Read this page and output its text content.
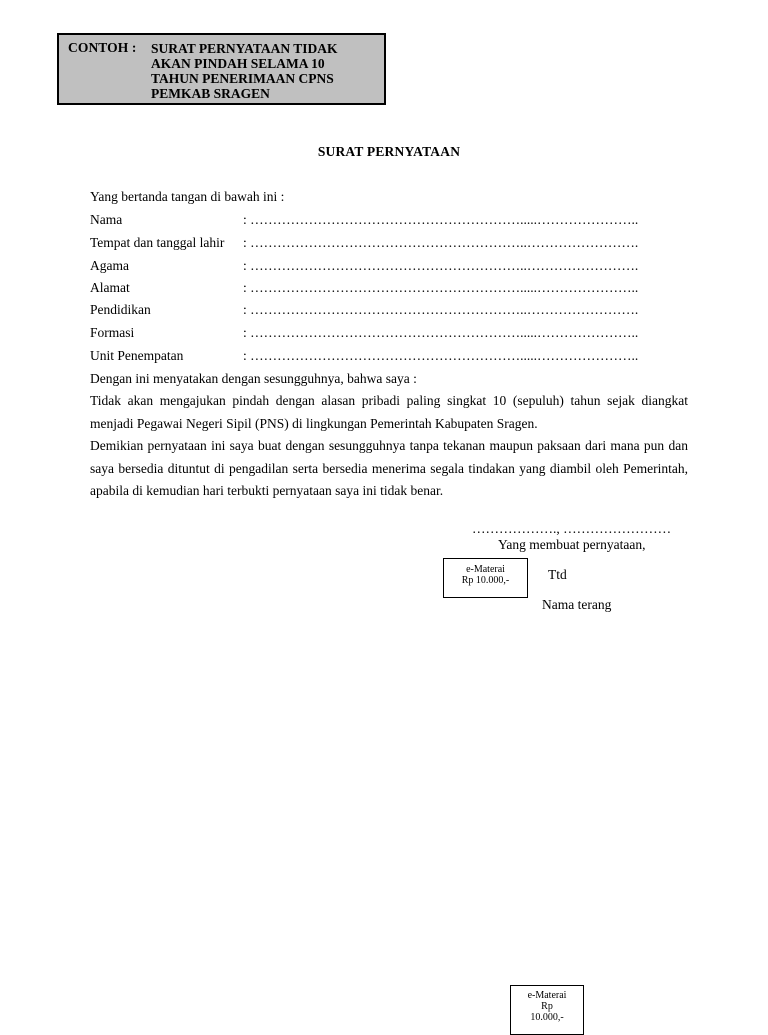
CONTOH : SURAT PERNYATAAN TIDAK
AKAN PINDAH SELAMA 10
TAHUN PENERIMAAN CPNS
PEMKAB SRAGEN
SURAT PERNYATAAN
Yang bertanda tangan di bawah ini :
Nama	: …………………………………………………….....…………………..
Tempat dan tanggal lahir : ……………………………………………………..…………………….
Agama	: ……………………………………………………..…………………….
Alamat	: …………………………………………………….....…………………..
Pendidikan	: ……………………………………………………..…………………….
Formasi	: …………………………………………………….....…………………..
Unit Penempatan	: …………………………………………………….....…………………..
Dengan ini menyatakan dengan sesungguhnya, bahwa saya :
Tidak akan mengajukan pindah dengan alasan pribadi paling singkat 10 (sepuluh) tahun sejak diangkat menjadi Pegawai Negeri Sipil (PNS) di lingkungan Pemerintah Kabupaten Sragen.
Demikian pernyataan ini saya buat dengan sesungguhnya tanpa tekanan maupun paksaan dari mana pun dan saya bersedia dituntut di pengadilan serta bersedia menerima segala tindakan yang diambil oleh Pemerintah, apabila di kemudian hari terbukti pernyataan saya ini tidak benar.
………………., ……………………
Yang membuat pernyataan,
e-Materai
Rp 10.000,-	Ttd
Nama terang
e-Materai
Rp
10.000,-
